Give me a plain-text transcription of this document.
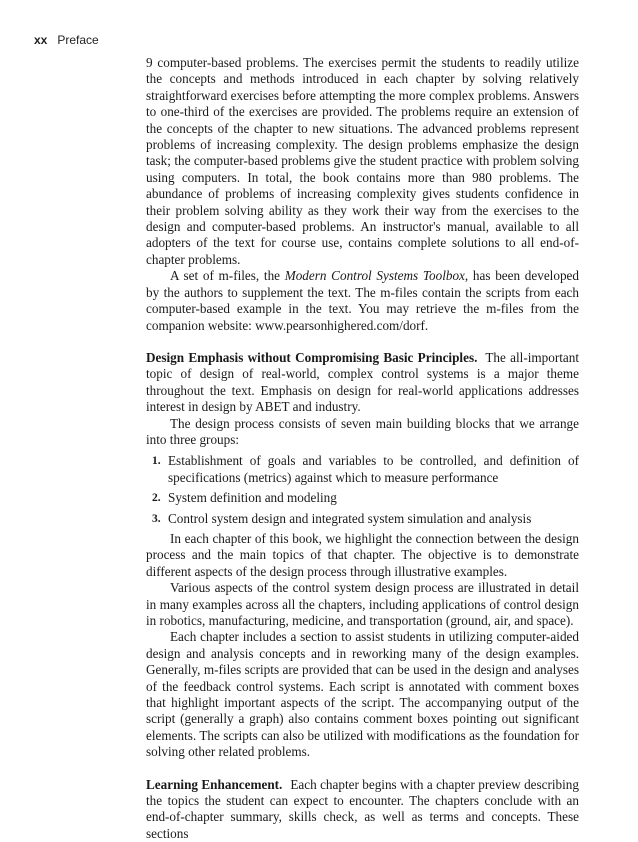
xx Preface

9 computer-based problems. The exercises permit the students to readily utilize the concepts and methods introduced in each chapter by solving relatively straightforward exercises before attempting the more complex problems. Answers to one-third of the exercises are provided. The problems require an extension of the concepts of the chapter to new situations. The advanced problems represent problems of increasing complexity. The design problems emphasize the design task; the computer-based problems give the student practice with problem solving using computers. In total, the book contains more than 980 problems. The abundance of problems of increasing complexity gives students confidence in their problem solving ability as they work their way from the exercises to the design and computer-based problems. An instructor's manual, available to all adopters of the text for course use, contains complete solutions to all end-of-chapter problems.

A set of m-files, the Modern Control Systems Toolbox, has been developed by the authors to supplement the text. The m-files contain the scripts from each computer-based example in the text. You may retrieve the m-files from the companion website: www.pearsonhighered.com/dorf.

Design Emphasis without Compromising Basic Principles. The all-important topic of design of real-world, complex control systems is a major theme throughout the text. Emphasis on design for real-world applications addresses interest in design by ABET and industry.

The design process consists of seven main building blocks that we arrange into three groups:

1. Establishment of goals and variables to be controlled, and definition of specifications (metrics) against which to measure performance
2. System definition and modeling
3. Control system design and integrated system simulation and analysis

In each chapter of this book, we highlight the connection between the design process and the main topics of that chapter. The objective is to demonstrate different aspects of the design process through illustrative examples.

Various aspects of the control system design process are illustrated in detail in many examples across all the chapters, including applications of control design in robotics, manufacturing, medicine, and transportation (ground, air, and space).

Each chapter includes a section to assist students in utilizing computer-aided design and analysis concepts and in reworking many of the design examples. Generally, m-files scripts are provided that can be used in the design and analyses of the feedback control systems. Each script is annotated with comment boxes that highlight important aspects of the script. The accompanying output of the script (generally a graph) also contains comment boxes pointing out significant elements. The scripts can also be utilized with modifications as the foundation for solving other related problems.

Learning Enhancement. Each chapter begins with a chapter preview describing the topics the student can expect to encounter. The chapters conclude with an end-of-chapter summary, skills check, as well as terms and concepts. These sections
